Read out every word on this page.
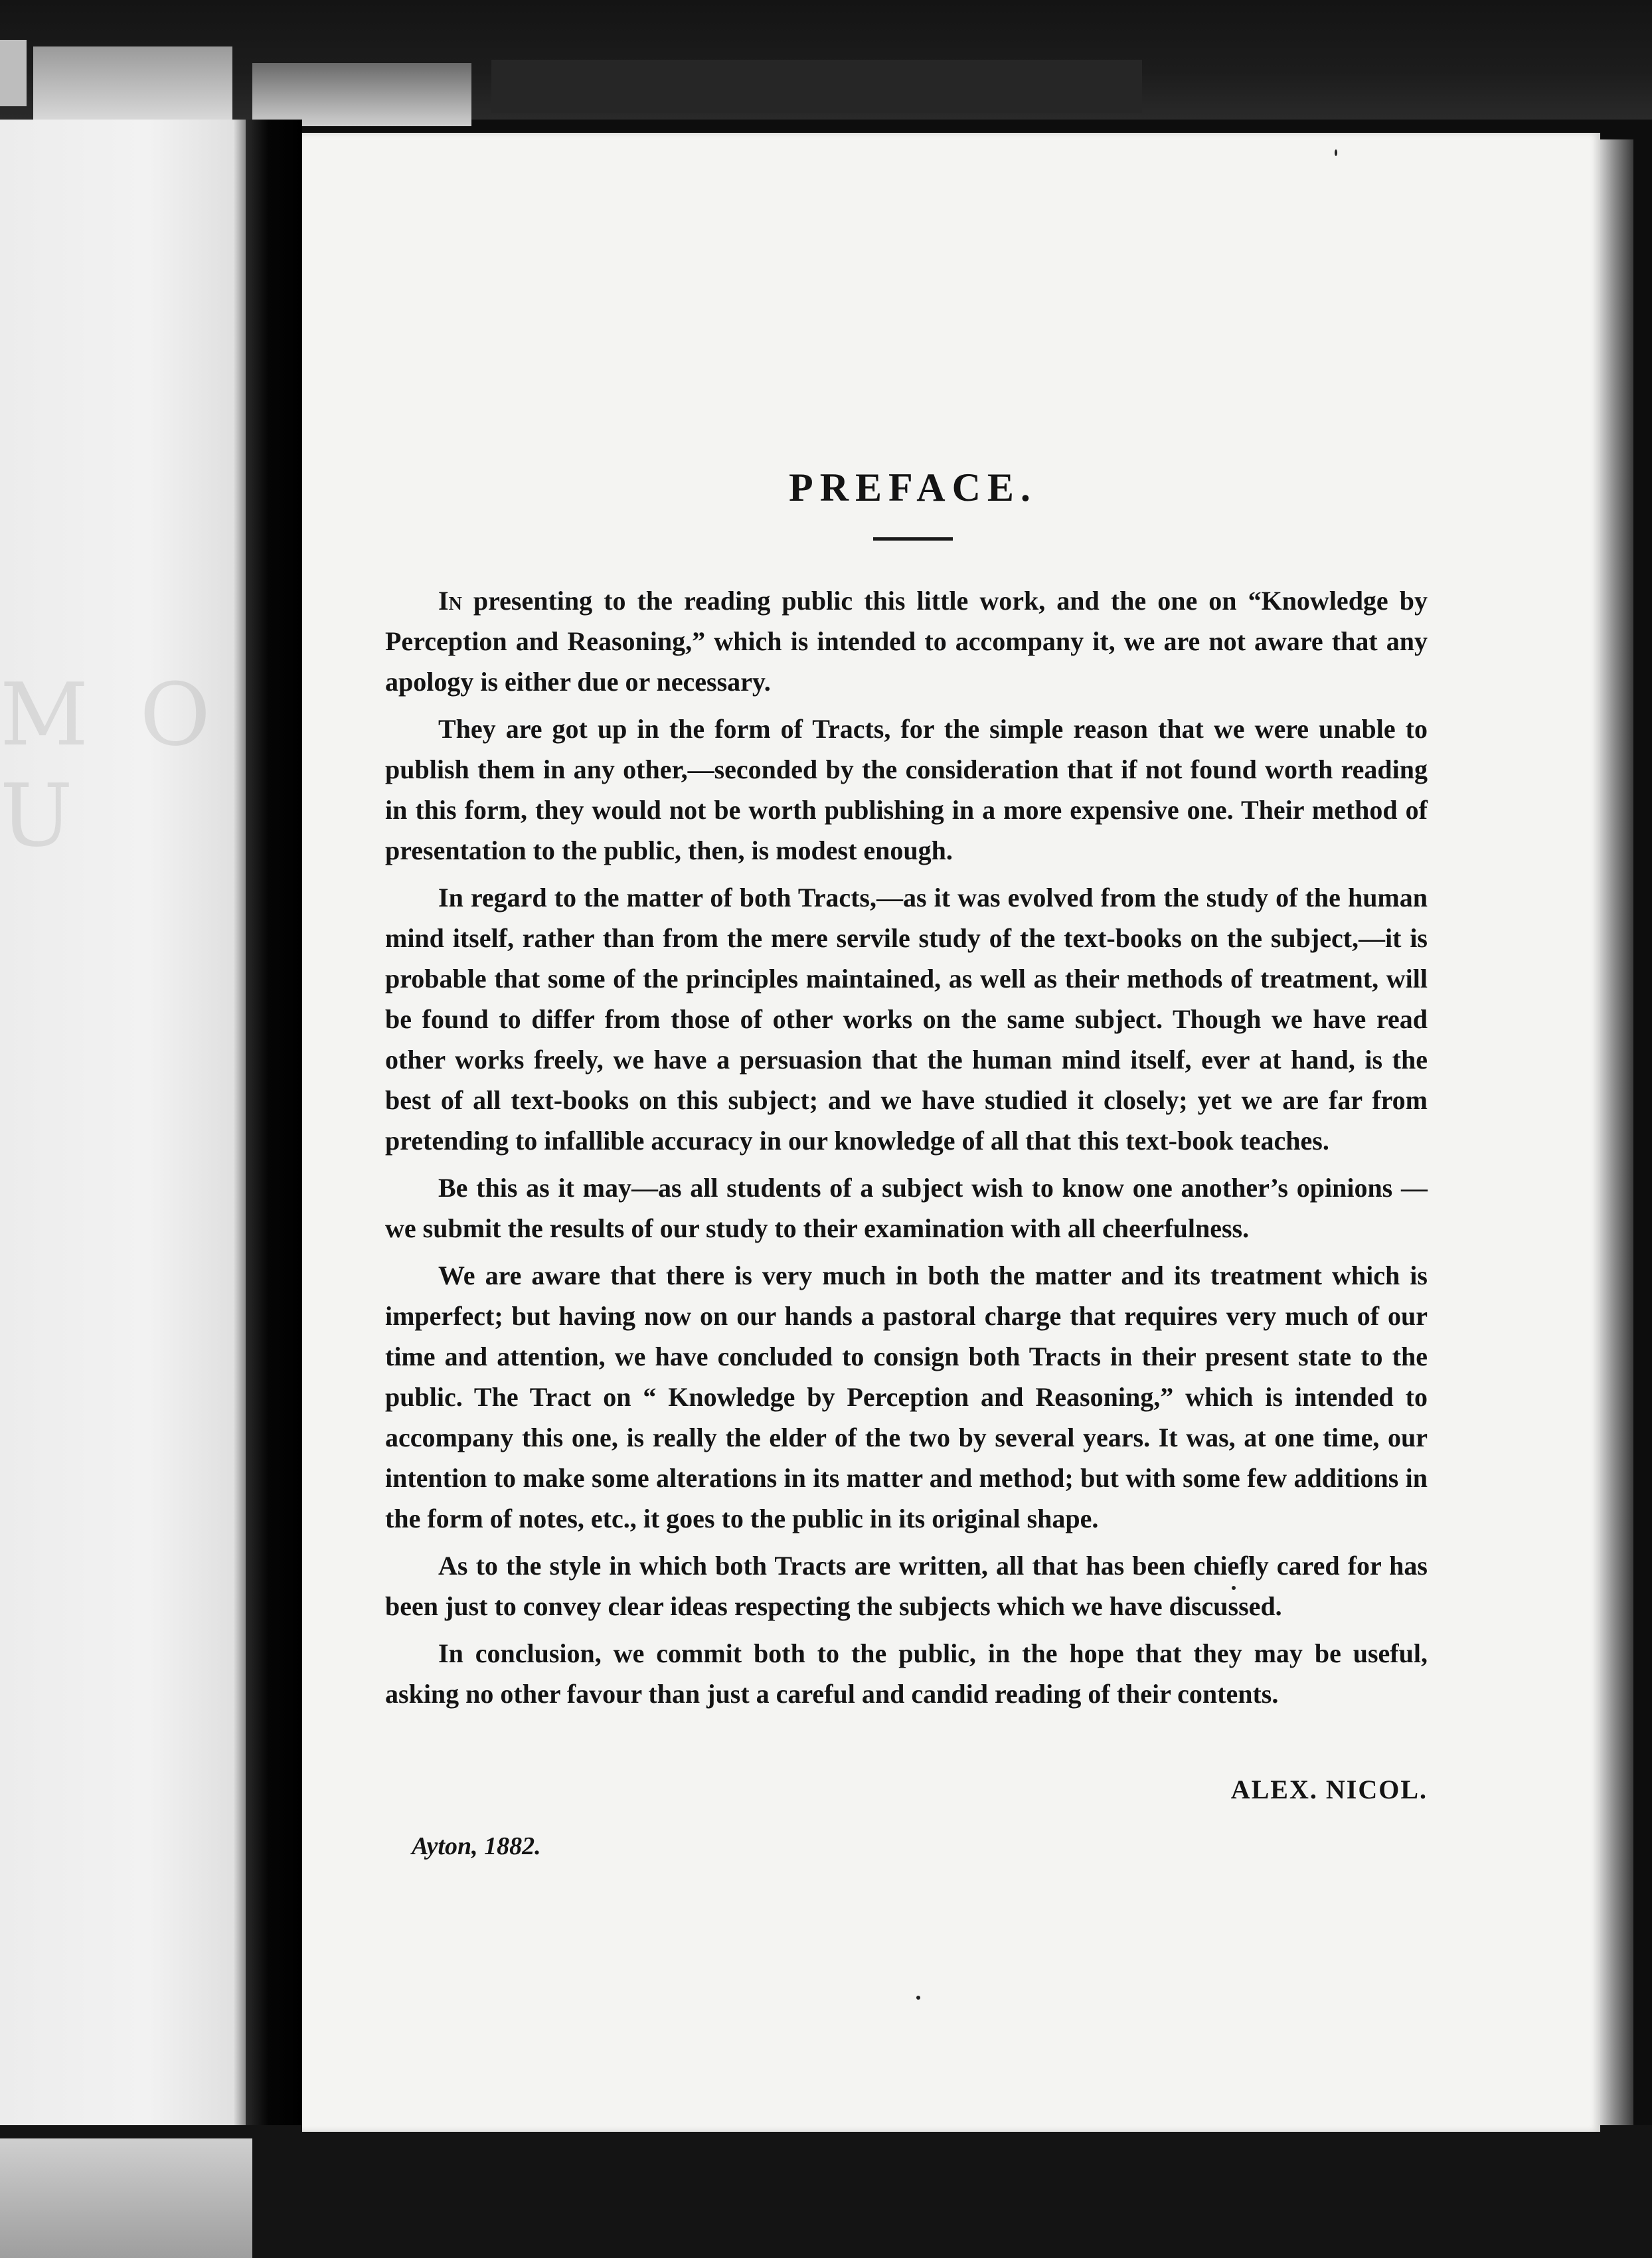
M O U
PREFACE.

In presenting to the reading public this little work, and the one on “Knowledge by Perception and Reasoning,” which is intended to accompany it, we are not aware that any apology is either due or necessary.

They are got up in the form of Tracts, for the simple reason that we were unable to publish them in any other,—seconded by the consideration that if not found worth reading in this form, they would not be worth publishing in a more expensive one. Their method of presentation to the public, then, is modest enough.

In regard to the matter of both Tracts,—as it was evolved from the study of the human mind itself, rather than from the mere servile study of the text-books on the subject,—it is probable that some of the principles maintained, as well as their methods of treatment, will be found to differ from those of other works on the same subject. Though we have read other works freely, we have a persuasion that the human mind itself, ever at hand, is the best of all text-books on this subject; and we have studied it closely; yet we are far from pretending to infallible accuracy in our knowledge of all that this text-book teaches.

Be this as it may—as all students of a subject wish to know one another’s opinions —we submit the results of our study to their examination with all cheerfulness.

We are aware that there is very much in both the matter and its treatment which is imperfect; but having now on our hands a pastoral charge that requires very much of our time and attention, we have concluded to consign both Tracts in their present state to the public. The Tract on “ Knowledge by Perception and Reasoning,” which is intended to accompany this one, is really the elder of the two by several years. It was, at one time, our intention to make some alterations in its matter and method; but with some few additions in the form of notes, etc., it goes to the public in its original shape.

As to the style in which both Tracts are written, all that has been chiefly cared for has been just to convey clear ideas respecting the subjects which we have discussed.

In conclusion, we commit both to the public, in the hope that they may be useful, asking no other favour than just a careful and candid reading of their contents.

ALEX. NICOL.
Ayton, 1882.
